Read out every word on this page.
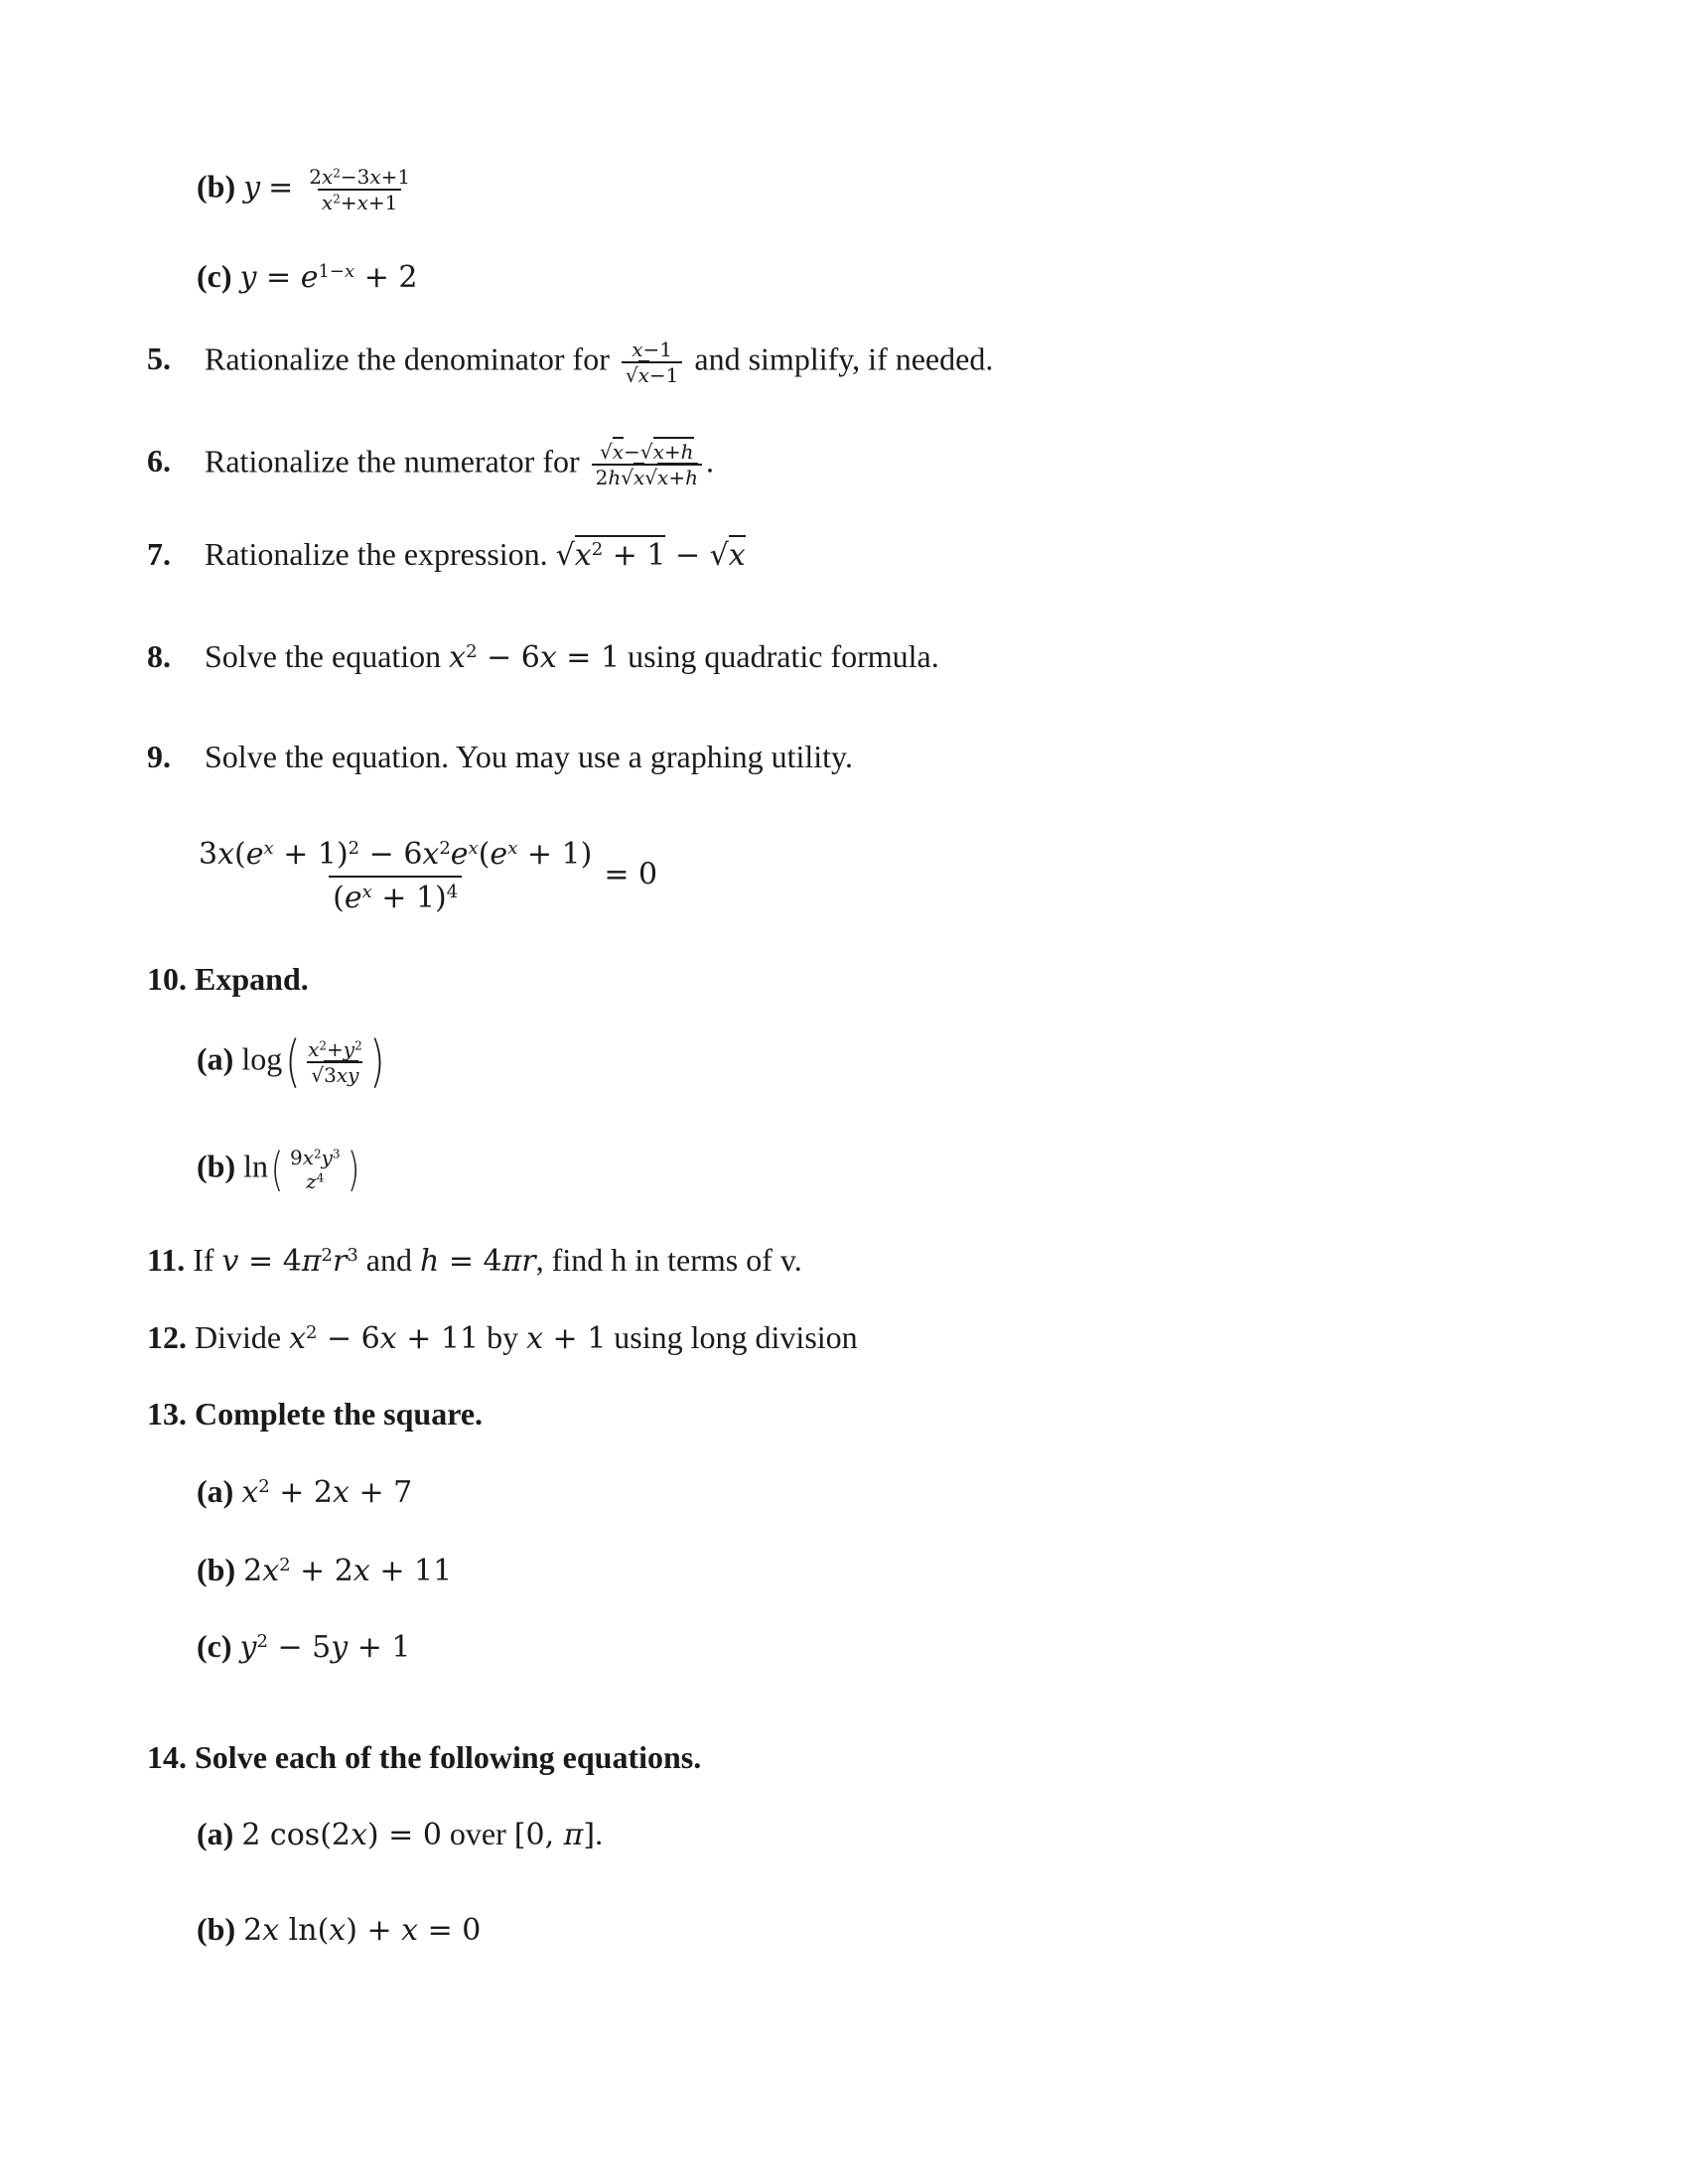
(b) $y = \frac{2x^2-3x+1}{x^2+x+1}$
(c) $y = e^{1-x} + 2$
5. Rationalize the denominator for $\frac{x-1}{√x-1}$ and simplify, if needed.
6. Rationalize the numerator for $\frac{√x-√x+h}{2h√x√x+h}$ .
7. Rationalize the expression. $√x^2 + 1 - √x$
8. Solve the equation $x^2 - 6x = 1$ using quadratic formula.
9. Solve the equation. You may use a graphing utility.
$\frac{3x(e^x + 1)^2 - 6x^2e^x(e^x + 1)}{(e^x + 1)^4} = 0$
10. Expand.
(a) $\log( \frac{x^2+y^2}{√3xy}$ )
(b) ln( $9x^2y^3$
$z^4$ )
11. If $v = 4\pi^2r^3$ and h = 4πr, find h in terms of v.
12. Divide $x^2 - 6x + 11$ by x + 1 using long division
13. Complete the square.
(a) $x^2 + 2x + 7$
(b) $2x^2 + 2x + 11$
(c) $y^2 - 5y + 1$
14. Solve each of the following equations.
(a) 2 cos(2x) = 0 over [0, π].
(b) 2x ln(x) + x = 0
